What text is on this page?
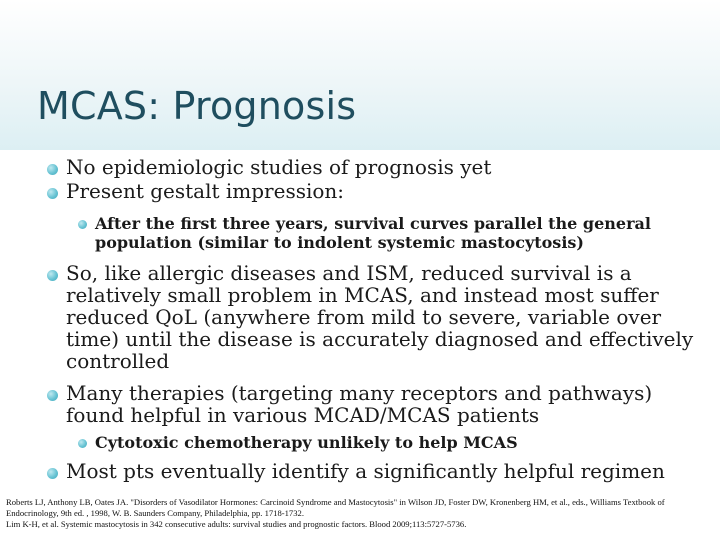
MCAS: Prognosis
No epidemiologic studies of prognosis yet
Present gestalt impression:
After the first three years, survival curves parallel the general population (similar to indolent systemic mastocytosis)
So, like allergic diseases and ISM, reduced survival is a relatively small problem in MCAS, and instead most suffer reduced QoL (anywhere from mild to severe, variable over time) until the disease is accurately diagnosed and effectively controlled
Many therapies (targeting many receptors and pathways) found helpful in various MCAD/MCAS patients
Cytotoxic chemotherapy unlikely to help MCAS
Most pts eventually identify a significantly helpful regimen

Roberts LJ, Anthony LB, Oates JA. "Disorders of Vasodilator Hormones: Carcinoid Syndrome and Mastocytosis" in Wilson JD, Foster DW, Kronenberg HM, et al., eds., Williams Textbook of Endocrinology, 9th ed. , 1998, W. B. Saunders Company, Philadelphia, pp. 1718-1732.

Lim K-H, et al. Systemic mastocytosis in 342 consecutive adults: survival studies and prognostic factors. Blood 2009;113:5727-5736.
